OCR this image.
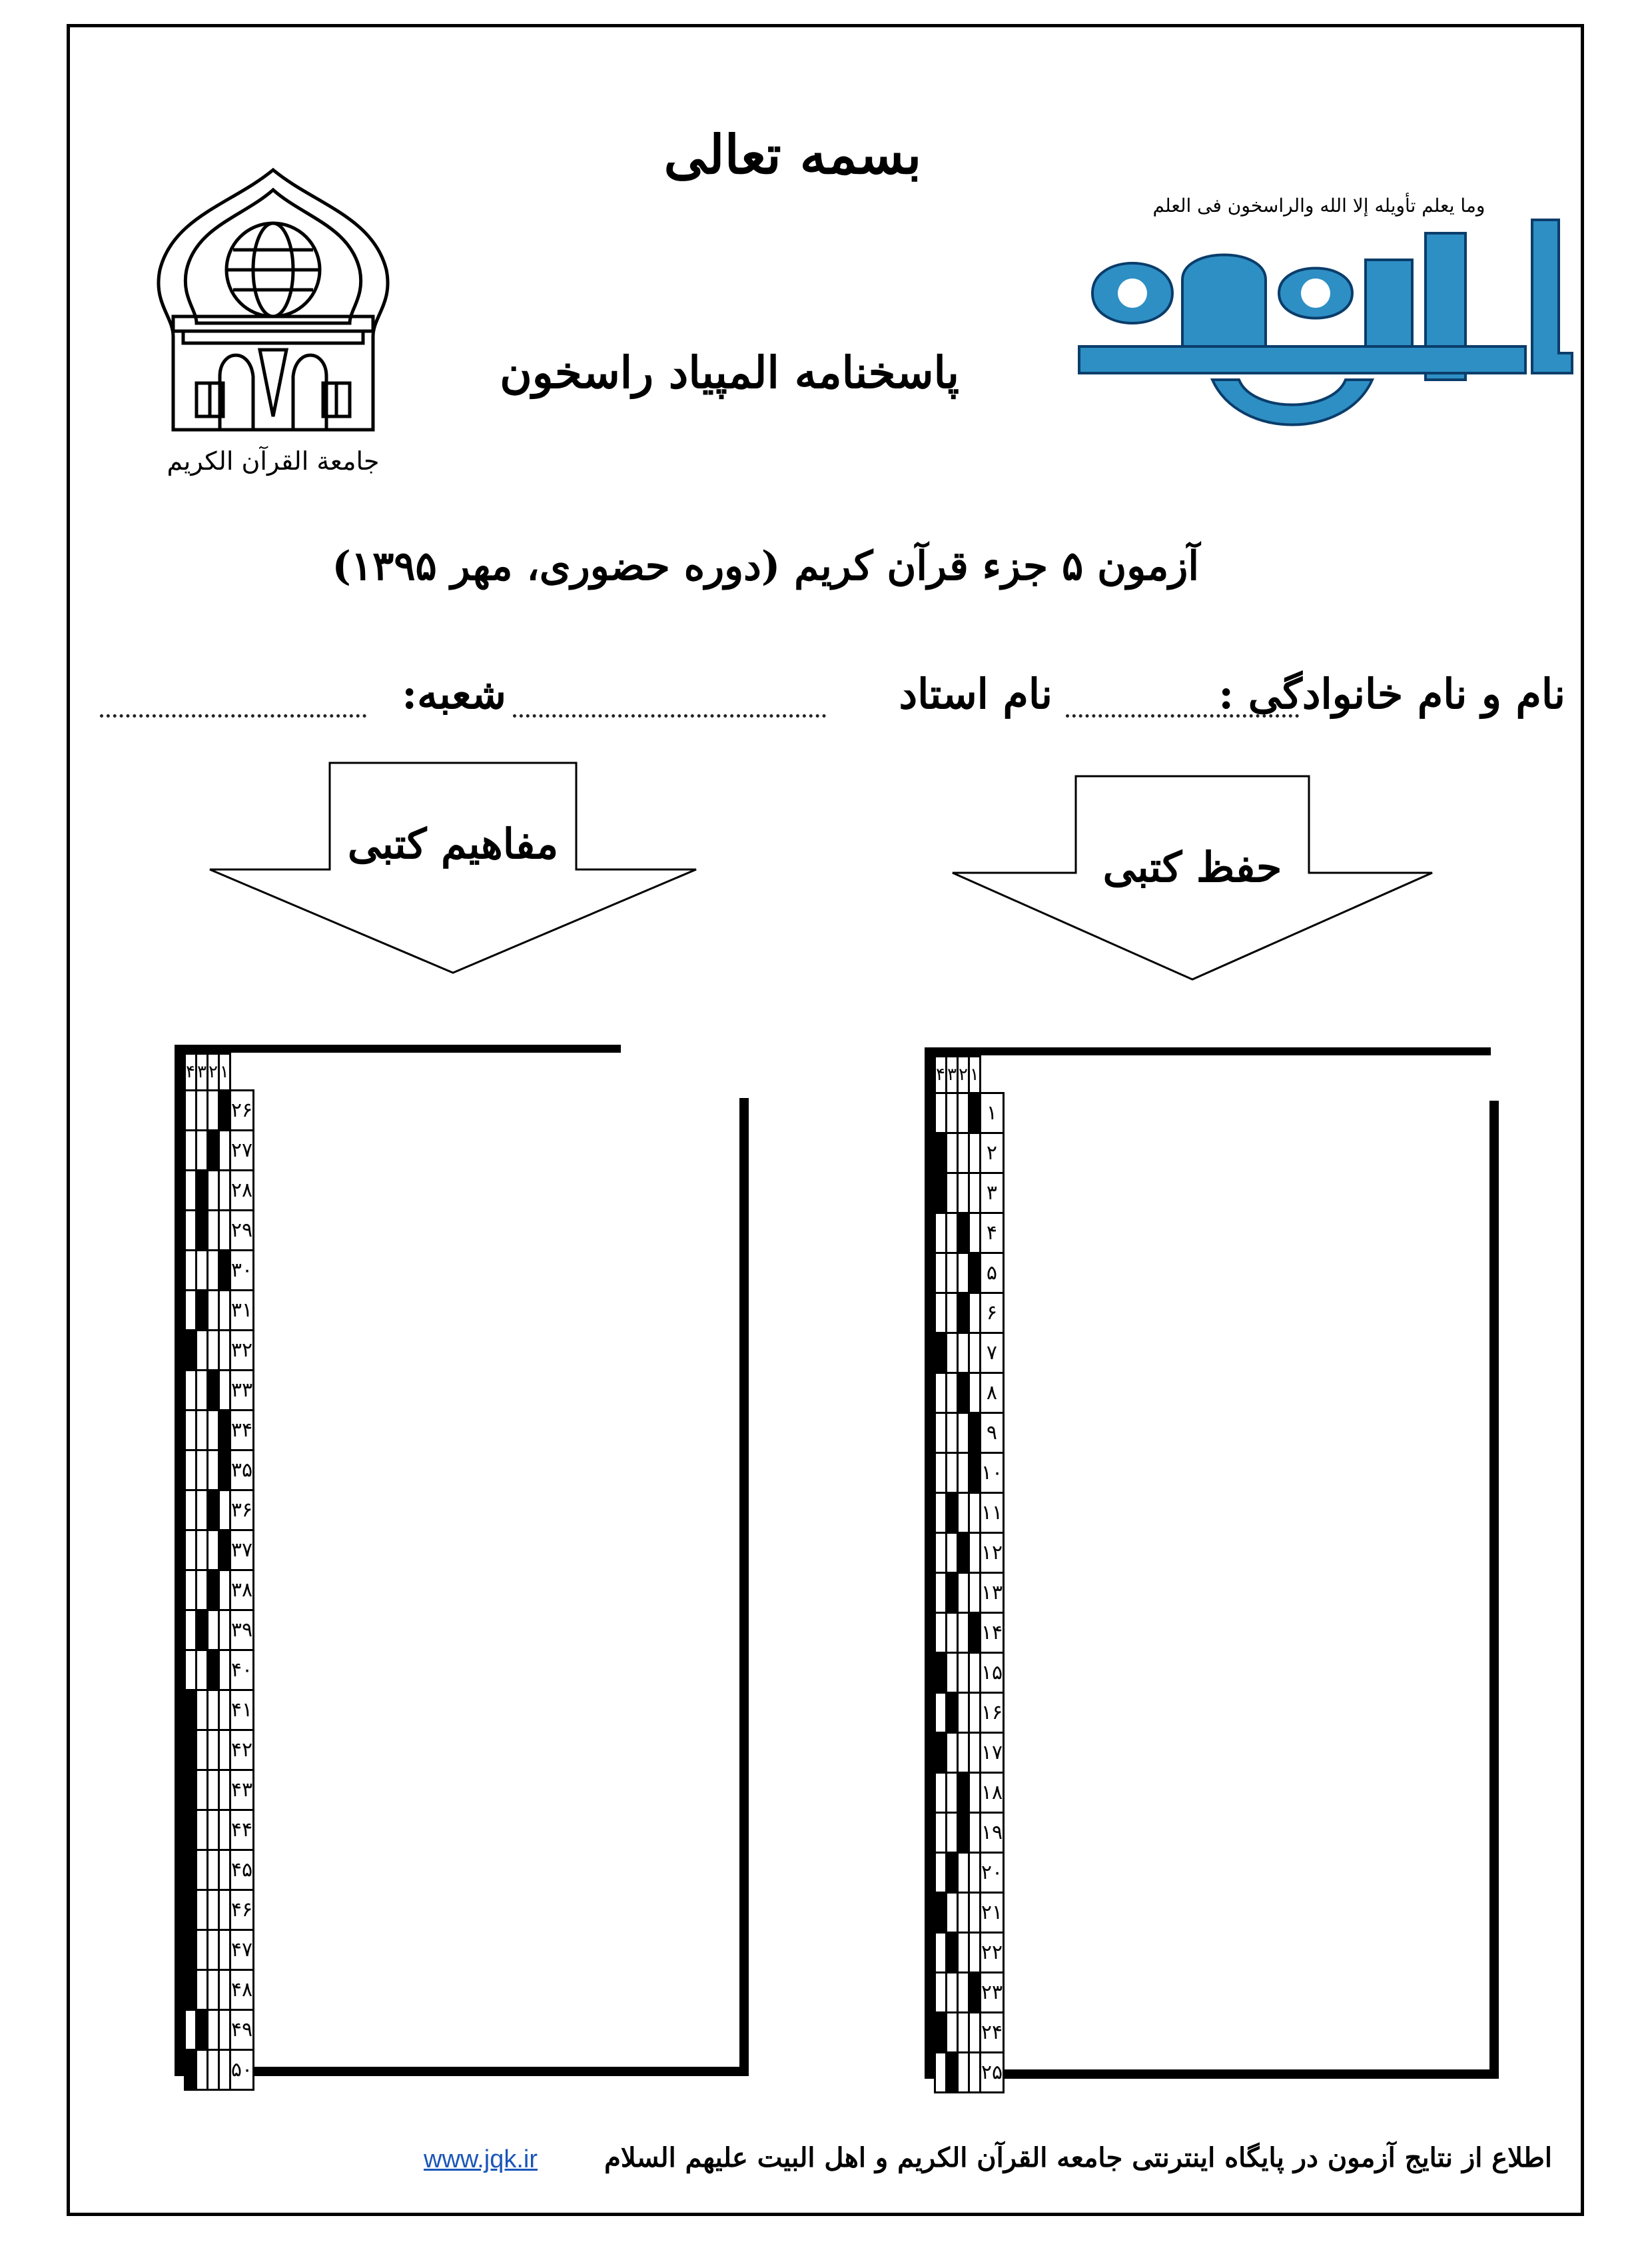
جامعة القرآن الکریم
وما یعلم تأویله إلا الله والراسخون فی العلم
راسخون
بسمه تعالی
پاسخنامه المپیاد راسخون
آزمون ۵ جزء قرآن کریم (دوره حضوری، مهر ۱۳۹۵)
نام و نام خانوادگی :
نام استاد
شعبه:
مفاهیم کتبی	حفظ کتبی
۴	۳	۲	۱	
				۲۶
				۲۷
				۲۸
				۲۹
				۳۰
				۳۱
				۳۲
				۳۳
				۳۴
				۳۵
				۳۶
				۳۷
				۳۸
				۳۹
				۴۰
				۴۱
				۴۲
				۴۳
				۴۴
				۴۵
				۴۶
				۴۷
				۴۸
				۴۹
				۵۰
۴	۳	۲	۱	
				۱
				۲
				۳
				۴
				۵
				۶
				۷
				۸
				۹
				۱۰
				۱۱
				۱۲
				۱۳
				۱۴
				۱۵
				۱۶
				۱۷
				۱۸
				۱۹
				۲۰
				۲۱
				۲۲
				۲۳
				۲۴
				۲۵
www.jqk.ir	اطلاع از نتایج آزمون در پایگاه اینترنتی جامعه القرآن الکریم و اهل البیت علیهم السلام
